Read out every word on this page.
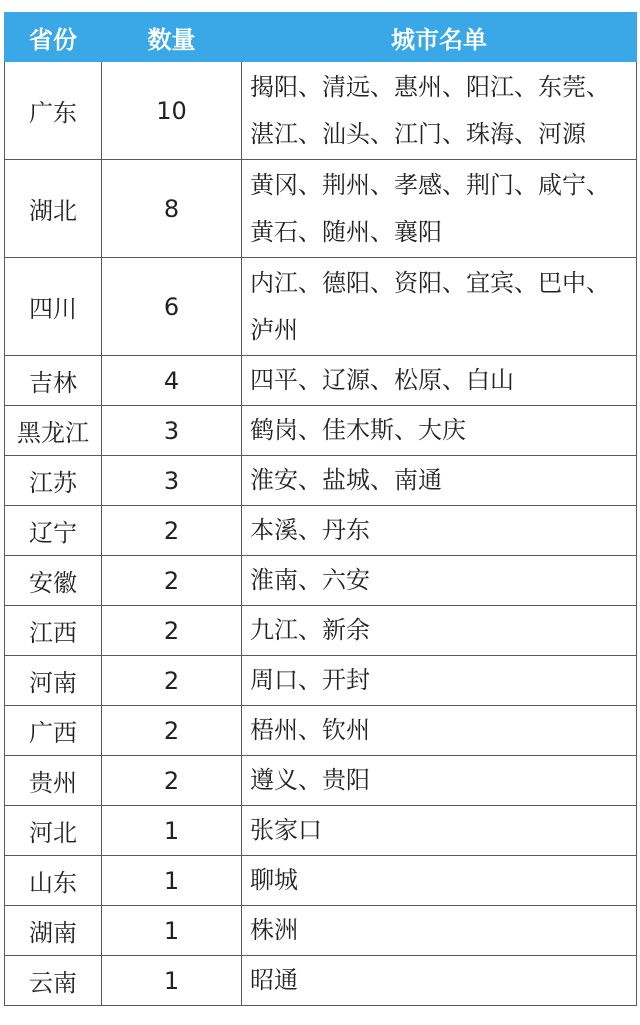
省份	数量	城市名单
广东	10	揭阳、清远、惠州、阳江、东莞、湛江、汕头、江门、珠海、河源
湖北	8	黄冈、荆州、孝感、荆门、咸宁、黄石、随州、襄阳
四川	6	内江、德阳、资阳、宜宾、巴中、泸州
吉林	4	四平、辽源、松原、白山
黑龙江	3	鹤岗、佳木斯、大庆
江苏	3	淮安、盐城、南通
辽宁	2	本溪、丹东
安徽	2	淮南、六安
江西	2	九江、新余
河南	2	周口、开封
广西	2	梧州、钦州
贵州	2	遵义、贵阳
河北	1	张家口
山东	1	聊城
湖南	1	株洲
云南	1	昭通
